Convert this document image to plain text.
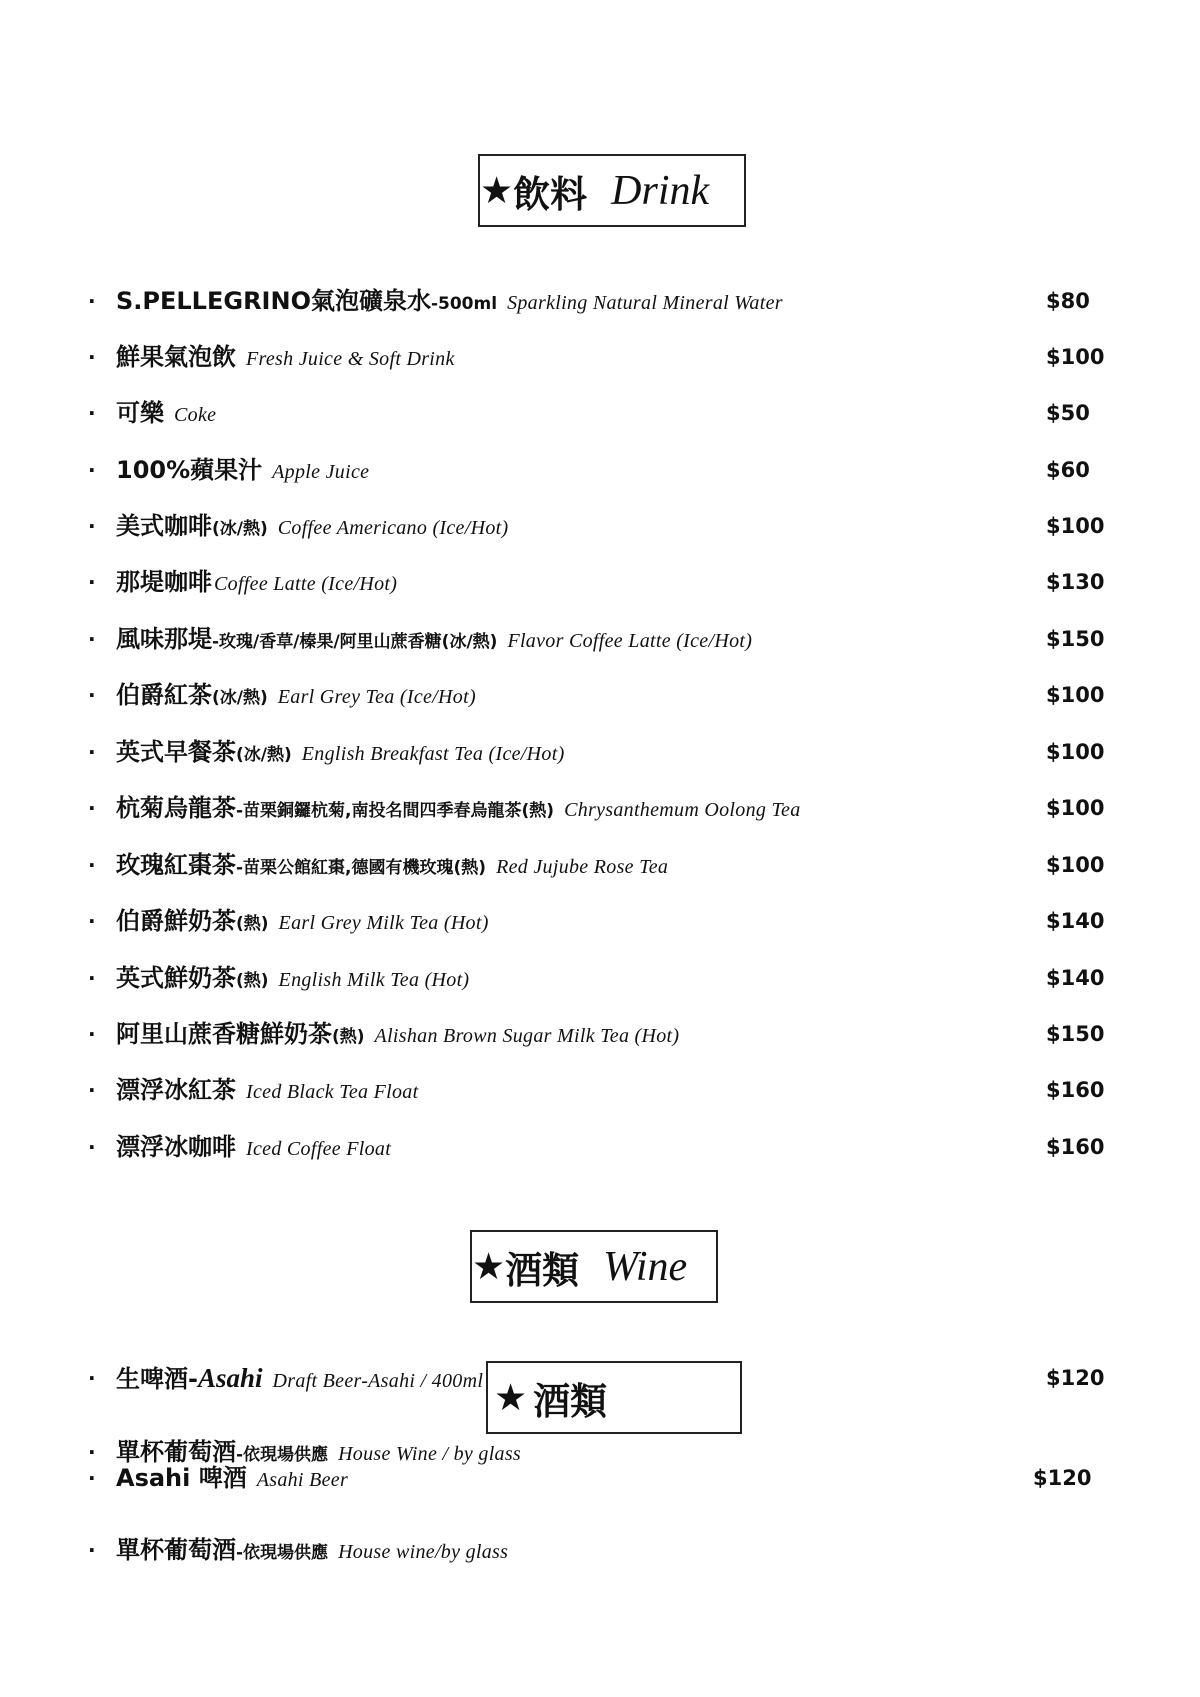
★ 飲料 Drink
· S.PELLEGRINO氣泡礦泉水-500ml Sparkling Natural Mineral Water	$80
· 鮮果氣泡飲 Fresh Juice & Soft Drink	$100
· 可樂 Coke	$50
· 100%蘋果汁 Apple Juice	$60
· 美式咖啡(冰/熱) Coffee Americano (Ice/Hot)	$100
· 那堤咖啡 Coffee Latte (Ice/Hot)	$130
· 風味那堤-玫瑰/香草/榛果/阿里山蔗香糖(冰/熱) Flavor Coffee Latte (Ice/Hot)	$150
· 伯爵紅茶(冰/熱) Earl Grey Tea (Ice/Hot)	$100
· 英式早餐茶(冰/熱) English Breakfast Tea (Ice/Hot)	$100
· 杭菊烏龍茶-苗栗銅鑼杭菊,南投名間四季春烏龍茶(熱) Chrysanthemum Oolong Tea	$100
· 玫瑰紅棗茶-苗栗公館紅棗,德國有機玫瑰(熱) Red Jujube Rose Tea	$100
· 伯爵鮮奶茶(熱) Earl Grey Milk Tea (Hot)	$140
· 英式鮮奶茶(熱) English Milk Tea (Hot)	$140
· 阿里山蔗香糖鮮奶茶(熱) Alishan Brown Sugar Milk Tea (Hot)	$150
· 漂浮冰紅茶 Iced Black Tea Float	$160
· 漂浮冰咖啡 Iced Coffee Float	$160
★ 酒類 Wine
· 生啤酒-Asahi Draft Beer-Asahi / 400ml	$120
· 單杯葡萄酒-依現場供應 House Wine / by glass
· Asahi 啤酒 Asahi Beer	$120
· 單杯葡萄酒-依現場供應 House wine/by glass
★ 酒類
